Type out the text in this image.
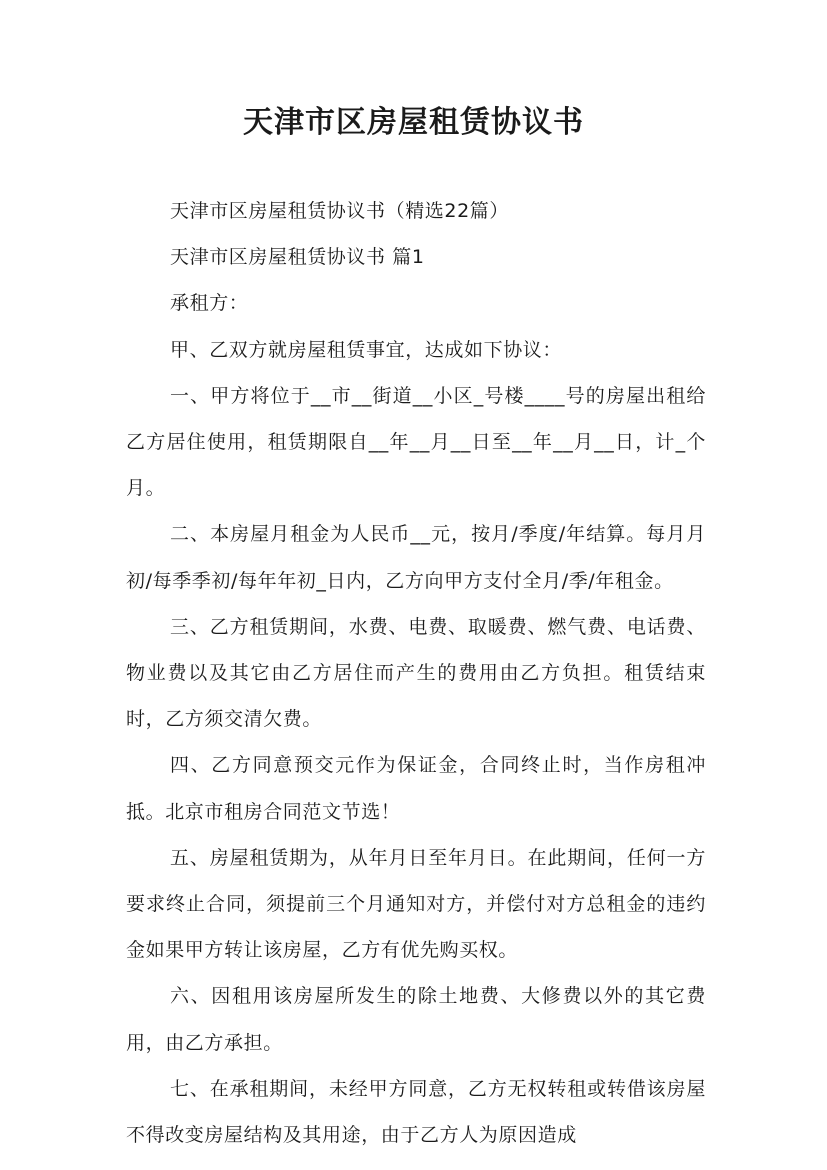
天津市区房屋租赁协议书

天津市区房屋租赁协议书（精选22篇）

天津市区房屋租赁协议书 篇1

承租方：

甲、乙双方就房屋租赁事宜，达成如下协议：

一、甲方将位于__市__街道__小区_号楼____号的房屋出租给乙方居住使用，租赁期限自__年__月__日至__年__月__日，计_个月。

二、本房屋月租金为人民币__元，按月/季度/年结算。每月月初/每季季初/每年年初_日内，乙方向甲方支付全月/季/年租金。

三、乙方租赁期间，水费、电费、取暖费、燃气费、电话费、物业费以及其它由乙方居住而产生的费用由乙方负担。租赁结束时，乙方须交清欠费。

四、乙方同意预交元作为保证金，合同终止时，当作房租冲抵。北京市租房合同范文节选！

五、房屋租赁期为，从年月日至年月日。在此期间，任何一方要求终止合同，须提前三个月通知对方，并偿付对方总租金的违约金如果甲方转让该房屋，乙方有优先购买权。

六、因租用该房屋所发生的除土地费、大修费以外的其它费用，由乙方承担。

七、在承租期间，未经甲方同意，乙方无权转租或转借该房屋不得改变房屋结构及其用途，由于乙方人为原因造成
